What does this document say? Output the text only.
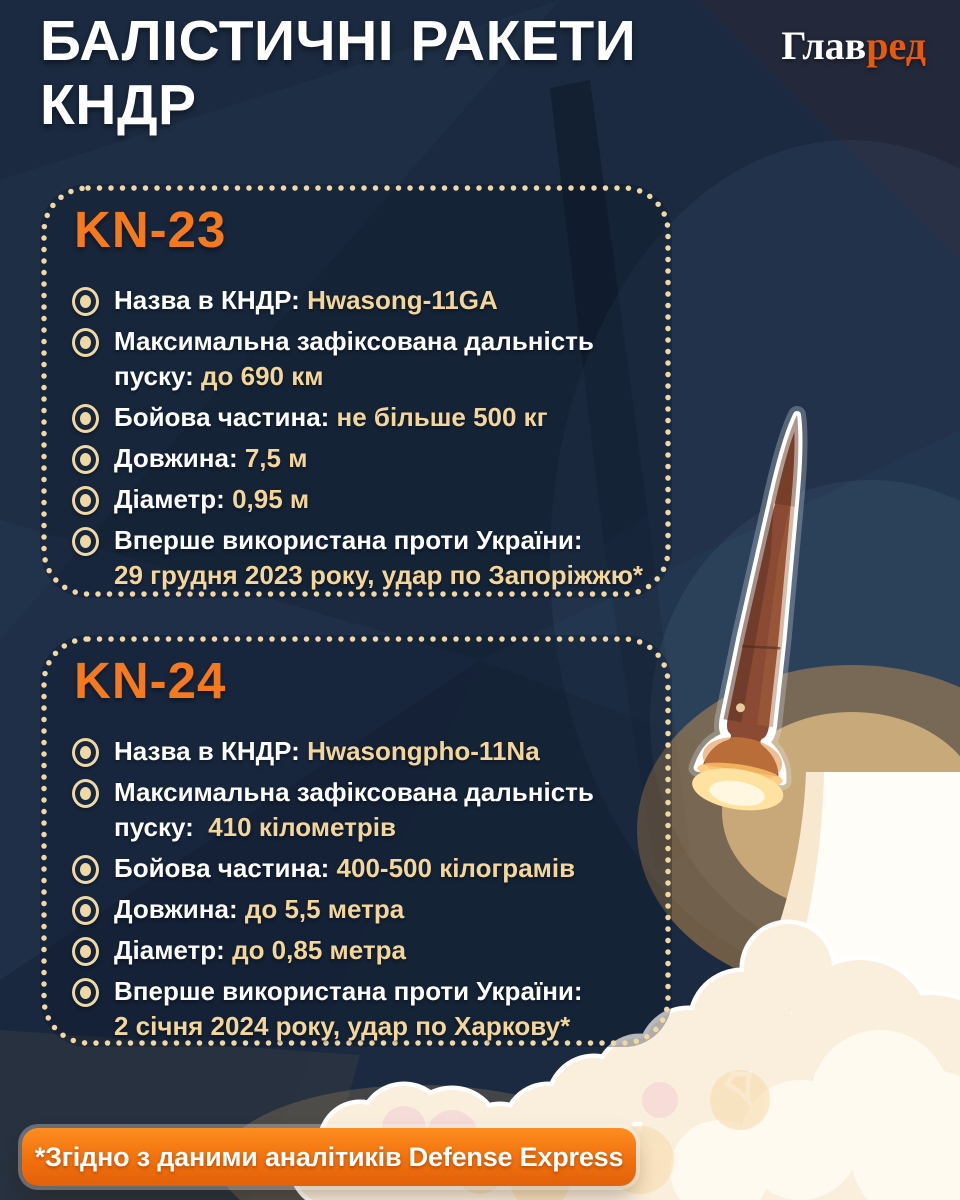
БАЛІСТИЧНІ РАКЕТИ
КНДР
Главред
KN-23
Назва в КНДР: Hwasong-11GA
Максимальна зафіксована дальність
пуску: до 690 км
Бойова частина: не більше 500 кг
Довжина: 7,5 м
Діаметр: 0,95 м
Вперше використана проти України:
29 грудня 2023 року, удар по Запоріжжю*
KN-24
Назва в КНДР: Hwasongpho-11Na
Максимальна зафіксована дальність
пуску:  410 кілометрів
Бойова частина: 400-500 кілограмів
Довжина: до 5,5 метра
Діаметр: до 0,85 метра
Вперше використана проти України:
2 січня 2024 року, удар по Харкову*
*Згідно з даними аналітиків Defense Express
